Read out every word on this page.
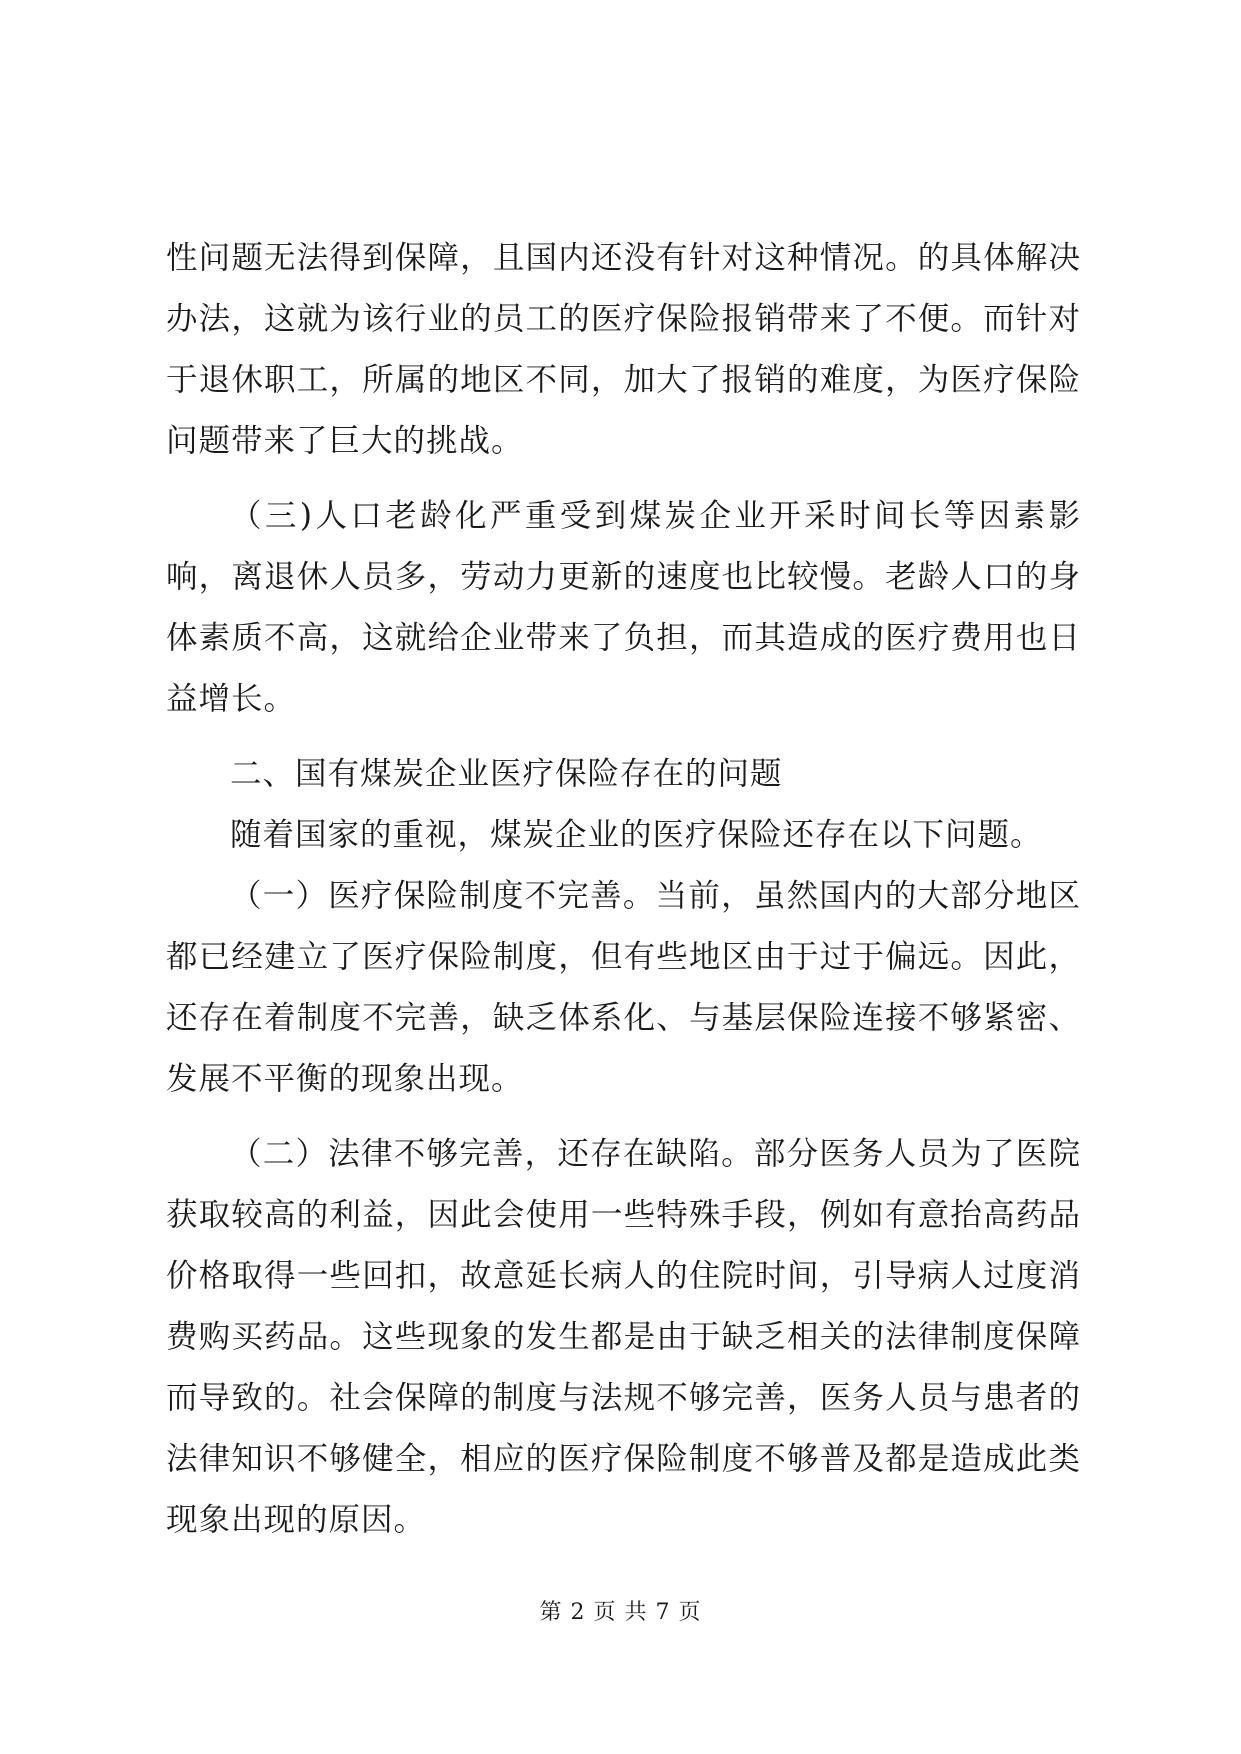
性问题无法得到保障，且国内还没有针对这种情况。的具体解决办法，这就为该行业的员工的医疗保险报销带来了不便。而针对于退休职工，所属的地区不同，加大了报销的难度，为医疗保险问题带来了巨大的挑战。

（三)人口老龄化严重受到煤炭企业开采时间长等因素影响，离退休人员多，劳动力更新的速度也比较慢。老龄人口的身体素质不高，这就给企业带来了负担，而其造成的医疗费用也日益增长。

二、国有煤炭企业医疗保险存在的问题

随着国家的重视，煤炭企业的医疗保险还存在以下问题。

（一）医疗保险制度不完善。当前，虽然国内的大部分地区都已经建立了医疗保险制度，但有些地区由于过于偏远。因此，还存在着制度不完善，缺乏体系化、与基层保险连接不够紧密、发展不平衡的现象出现。

（二）法律不够完善，还存在缺陷。部分医务人员为了医院获取较高的利益，因此会使用一些特殊手段，例如有意抬高药品价格取得一些回扣，故意延长病人的住院时间，引导病人过度消费购买药品。这些现象的发生都是由于缺乏相关的法律制度保障而导致的。社会保障的制度与法规不够完善，医务人员与患者的法律知识不够健全，相应的医疗保险制度不够普及都是造成此类现象出现的原因。

第 2 页 共 7 页
